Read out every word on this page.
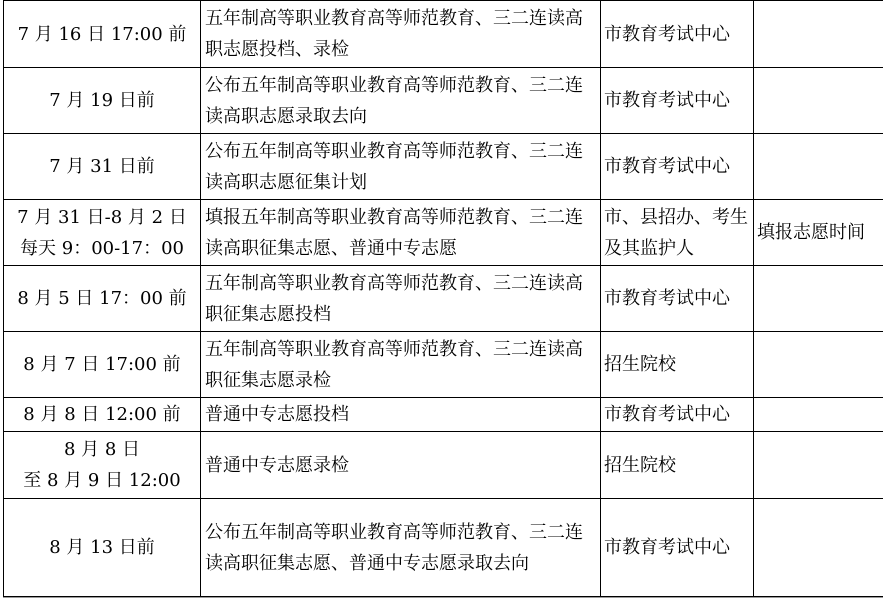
7 月 16 日 17:00 前	五年制高等职业教育高等师范教育、三二连读高职志愿投档、录检	市教育考试中心	

7 月 19 日前	公布五年制高等职业教育高等师范教育、三二连读高职志愿录取去向	市教育考试中心	

7 月 31 日前	公布五年制高等职业教育高等师范教育、三二连读高职志愿征集计划	市教育考试中心	

7 月 31 日-8 月 2 日
每天 9：00-17：00	填报五年制高等职业教育高等师范教育、三二连读高职征集志愿、普通中专志愿	市、县招办、考生及其监护人	填报志愿时间

8 月 5 日 17：00 前	五年制高等职业教育高等师范教育、三二连读高职征集志愿投档	市教育考试中心	

8 月 7 日 17:00 前	五年制高等职业教育高等师范教育、三二连读高职征集志愿录检	招生院校	

8 月 8 日 12:00 前	普通中专志愿投档	市教育考试中心	

8 月 8 日
至 8 月 9 日 12:00	普通中专志愿录检	招生院校	

8 月 13 日前	公布五年制高等职业教育高等师范教育、三二连读高职征集志愿、普通中专志愿录取去向	市教育考试中心	
